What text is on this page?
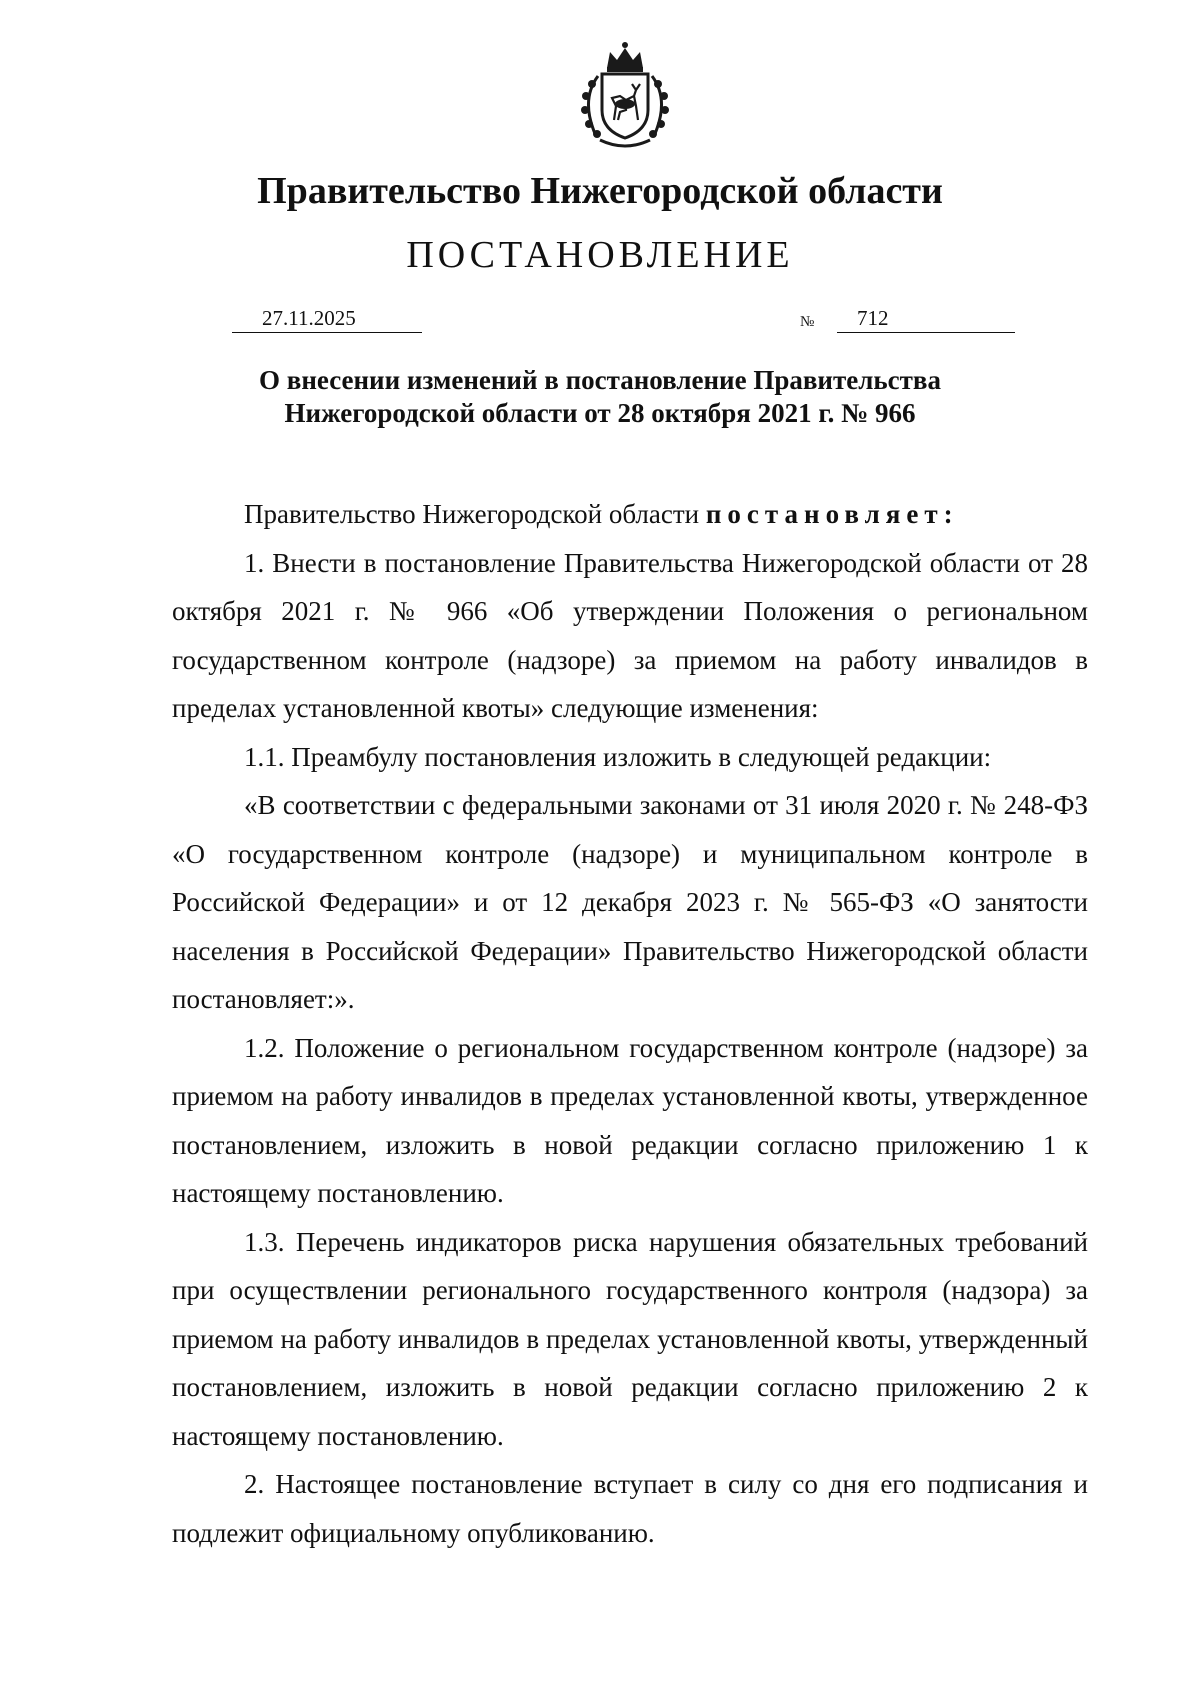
Правительство Нижегородской области
ПОСТАНОВЛЕНИЕ
27.11.2025	№ 712
О внесении изменений в постановление Правительства
Нижегородской области от 28 октября 2021 г. № 966

Правительство Нижегородской области постановляет:

1. Внести в постановление Правительства Нижегородской области от 28 октября 2021 г. № 966 «Об утверждении Положения о региональном государственном контроле (надзоре) за приемом на работу инвалидов в пределах установленной квоты» следующие изменения:

1.1. Преамбулу постановления изложить в следующей редакции:

«В соответствии с федеральными законами от 31 июля 2020 г. № 248-ФЗ «О государственном контроле (надзоре) и муниципальном контроле в Российской Федерации» и от 12 декабря 2023 г. № 565-ФЗ «О занятости населения в Российской Федерации» Правительство Нижегородской области постановляет:».

1.2. Положение о региональном государственном контроле (надзоре) за приемом на работу инвалидов в пределах установленной квоты, утвержденное постановлением, изложить в новой редакции согласно приложению 1 к настоящему постановлению.

1.3. Перечень индикаторов риска нарушения обязательных требований при осуществлении регионального государственного контроля (надзора) за приемом на работу инвалидов в пределах установленной квоты, утвержденный постановлением, изложить в новой редакции согласно приложению 2 к настоящему постановлению.

2. Настоящее постановление вступает в силу со дня его подписания и подлежит официальному опубликованию.
